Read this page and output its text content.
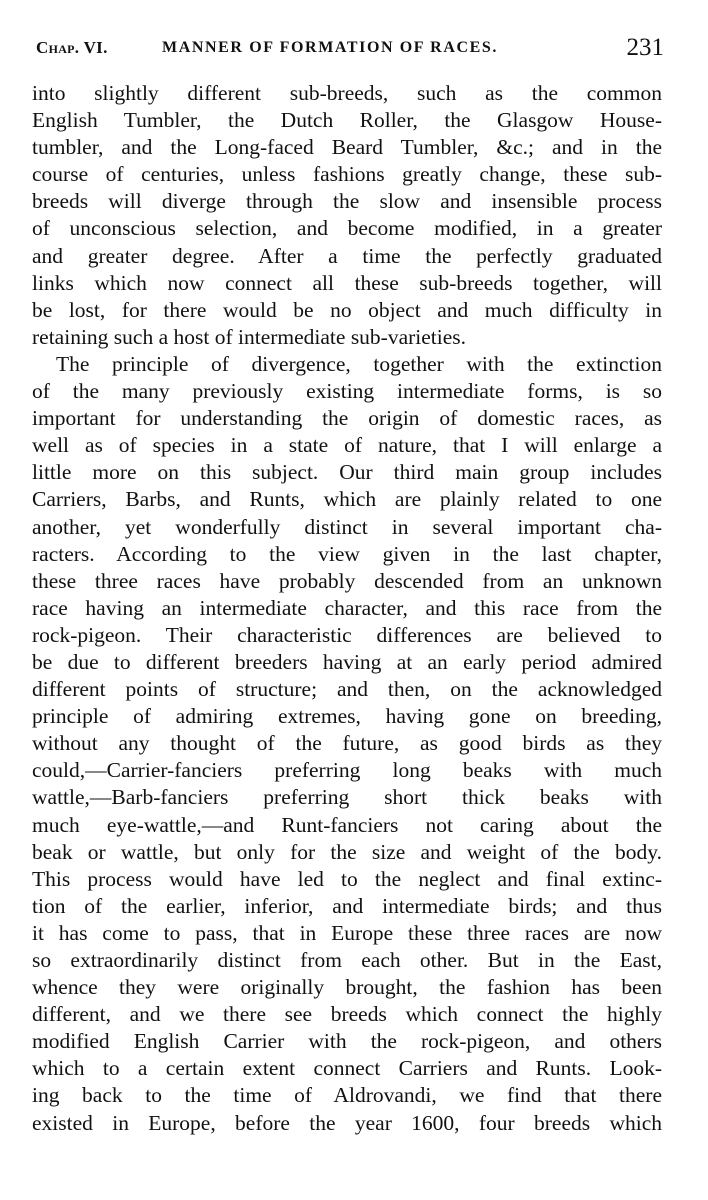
Chap. VI.	MANNER OF FORMATION OF RACES.	231
into slightly different sub-breeds, such as the common
English Tumbler, the Dutch Roller, the Glasgow House-
tumbler, and the Long-faced Beard Tumbler, &c.; and in the
course of centuries, unless fashions greatly change, these sub-
breeds will diverge through the slow and insensible process
of unconscious selection, and become modified, in a greater
and greater degree. After a time the perfectly graduated
links which now connect all these sub-breeds together, will
be lost, for there would be no object and much difficulty in
retaining such a host of intermediate sub-varieties.
The principle of divergence, together with the extinction
of the many previously existing intermediate forms, is so
important for understanding the origin of domestic races, as
well as of species in a state of nature, that I will enlarge a
little more on this subject. Our third main group includes
Carriers, Barbs, and Runts, which are plainly related to one
another, yet wonderfully distinct in several important cha-
racters. According to the view given in the last chapter,
these three races have probably descended from an unknown
race having an intermediate character, and this race from the
rock-pigeon. Their characteristic differences are believed to
be due to different breeders having at an early period admired
different points of structure; and then, on the acknowledged
principle of admiring extremes, having gone on breeding,
without any thought of the future, as good birds as they
could,—Carrier-fanciers preferring long beaks with much
wattle,—Barb-fanciers preferring short thick beaks with
much eye-wattle,—and Runt-fanciers not caring about the
beak or wattle, but only for the size and weight of the body.
This process would have led to the neglect and final extinc-
tion of the earlier, inferior, and intermediate birds; and thus
it has come to pass, that in Europe these three races are now
so extraordinarily distinct from each other. But in the East,
whence they were originally brought, the fashion has been
different, and we there see breeds which connect the highly
modified English Carrier with the rock-pigeon, and others
which to a certain extent connect Carriers and Runts. Look-
ing back to the time of Aldrovandi, we find that there
existed in Europe, before the year 1600, four breeds which
